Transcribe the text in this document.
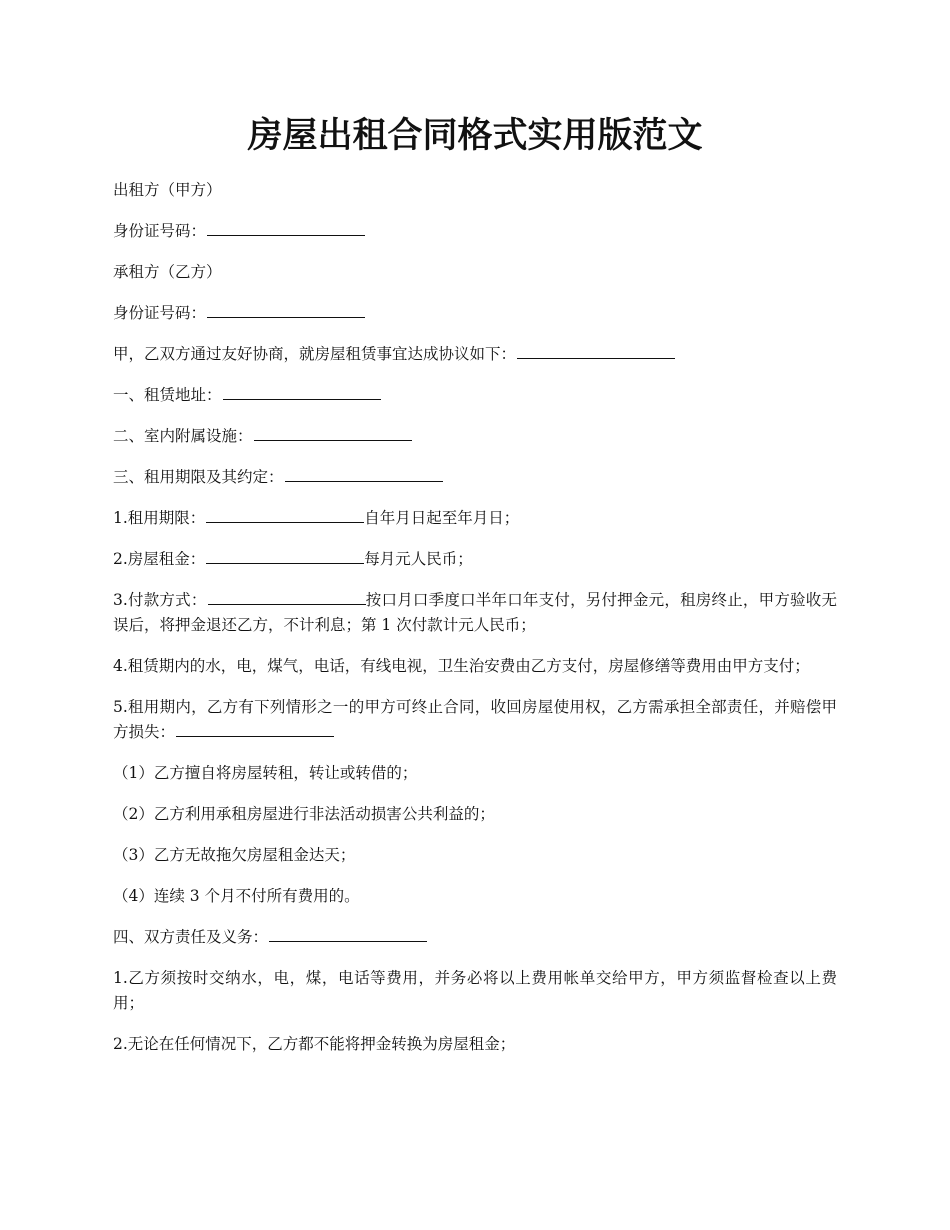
房屋出租合同格式实用版范文

出租方（甲方）

身份证号码：

承租方（乙方）

身份证号码：

甲，乙双方通过友好协商，就房屋租赁事宜达成协议如下：

一、租赁地址：

二、室内附属设施：

三、租用期限及其约定：

1.租用期限：	自年月日起至年月日；

2.房屋租金：	每月元人民币；

3.付款方式：	按口月口季度口半年口年支付，另付押金元，租房终止，甲方验收无误后，将押金退还乙方，不计利息；第 1 次付款计元人民币；

4.租赁期内的水，电，煤气，电话，有线电视，卫生治安费由乙方支付，房屋修缮等费用由甲方支付；

5.租用期内，乙方有下列情形之一的甲方可终止合同，收回房屋使用权，乙方需承担全部责任，并赔偿甲方损失：

（1）乙方擅自将房屋转租，转让或转借的；

（2）乙方利用承租房屋进行非法活动损害公共利益的；

（3）乙方无故拖欠房屋租金达天；

（4）连续 3 个月不付所有费用的。

四、双方责任及义务：

1.乙方须按时交纳水，电，煤，电话等费用，并务必将以上费用帐单交给甲方，甲方须监督检查以上费用；

2.无论在任何情况下，乙方都不能将押金转换为房屋租金；
